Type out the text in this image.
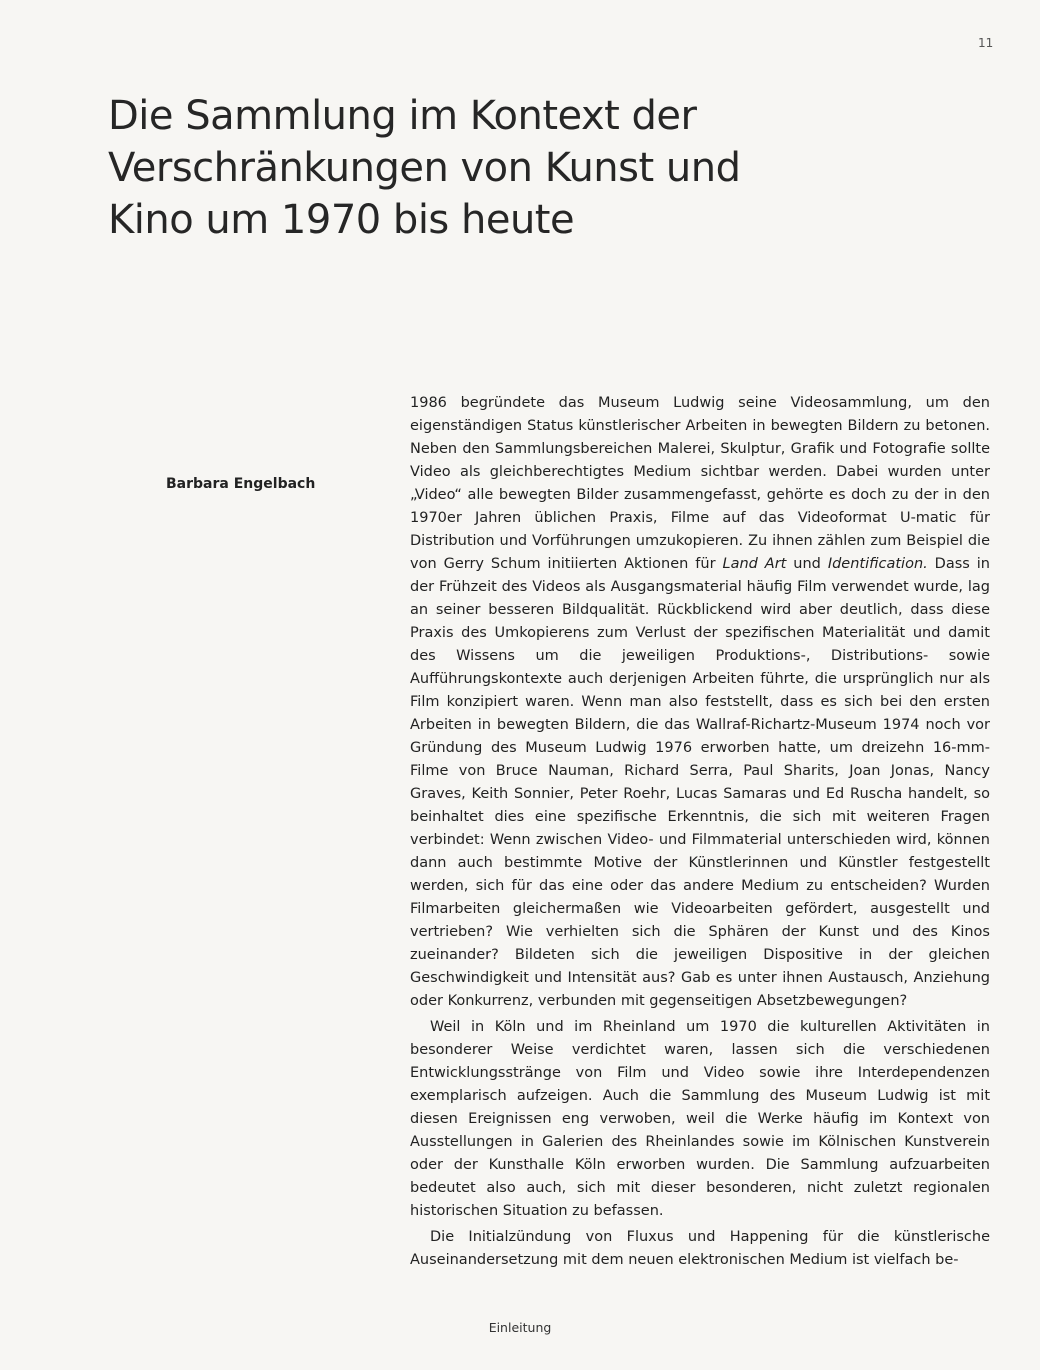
11
Die Sammlung im Kontext der
Verschränkungen von Kunst und
Kino um 1970 bis heute
Barbara Engelbach

1986 begründete das Museum Ludwig seine Videosammlung, um den eigenständigen Status künstlerischer Arbeiten in bewegten Bildern zu betonen. Neben den Sammlungsbereichen Malerei, Skulptur, Grafik und Fotografie sollte Video als gleichberechtigtes Medium sichtbar werden. Dabei wurden unter „Video“ alle bewegten Bilder zusammengefasst, gehörte es doch zu der in den 1970er Jahren üblichen Praxis, Filme auf das Videoformat U-matic für Distribution und Vorführungen umzukopieren. Zu ihnen zählen zum Beispiel die von Gerry Schum initiierten Aktionen für Land Art und Identification. Dass in der Frühzeit des Videos als Ausgangsmaterial häufig Film verwendet wurde, lag an seiner besseren Bildqualität. Rückblickend wird aber deutlich, dass diese Praxis des Umkopierens zum Verlust der spezifischen Materialität und damit des Wissens um die jeweiligen Produktions-, Distributions- sowie Aufführungskontexte auch derjenigen Arbeiten führte, die ursprünglich nur als Film konzipiert waren. Wenn man also feststellt, dass es sich bei den ersten Arbeiten in bewegten Bildern, die das Wallraf-Richartz-Museum 1974 noch vor Gründung des Museum Ludwig 1976 erworben hatte, um dreizehn 16-mm-Filme von Bruce Nauman, Richard Serra, Paul Sharits, Joan Jonas, Nancy Graves, Keith Sonnier, Peter Roehr, Lucas Samaras und Ed Ruscha handelt, so beinhaltet dies eine spezifische Erkenntnis, die sich mit weiteren Fragen verbindet: Wenn zwischen Video- und Filmmaterial unterschieden wird, können dann auch bestimmte Motive der Künstlerinnen und Künstler festgestellt werden, sich für das eine oder das andere Medium zu entscheiden? Wurden Filmarbeiten gleichermaßen wie Videoarbeiten gefördert, ausgestellt und vertrieben? Wie verhielten sich die Sphären der Kunst und des Kinos zueinander? Bildeten sich die jeweiligen Dispositive in der gleichen Geschwindigkeit und Intensität aus? Gab es unter ihnen Austausch, Anziehung oder Konkurrenz, verbunden mit gegenseitigen Absetzbewegungen?

Weil in Köln und im Rheinland um 1970 die kulturellen Aktivitäten in besonderer Weise verdichtet waren, lassen sich die verschiedenen Entwicklungsstränge von Film und Video sowie ihre Interdependenzen exemplarisch aufzeigen. Auch die Sammlung des Museum Ludwig ist mit diesen Ereignissen eng verwoben, weil die Werke häufig im Kontext von Ausstellungen in Galerien des Rheinlandes sowie im Kölnischen Kunstverein oder der Kunsthalle Köln erworben wurden. Die Sammlung aufzuarbeiten bedeutet also auch, sich mit dieser besonderen, nicht zuletzt regionalen historischen Situation zu befassen.

Die Initialzündung von Fluxus und Happening für die künstlerische Auseinandersetzung mit dem neuen elektronischen Medium ist vielfach be-

Einleitung
